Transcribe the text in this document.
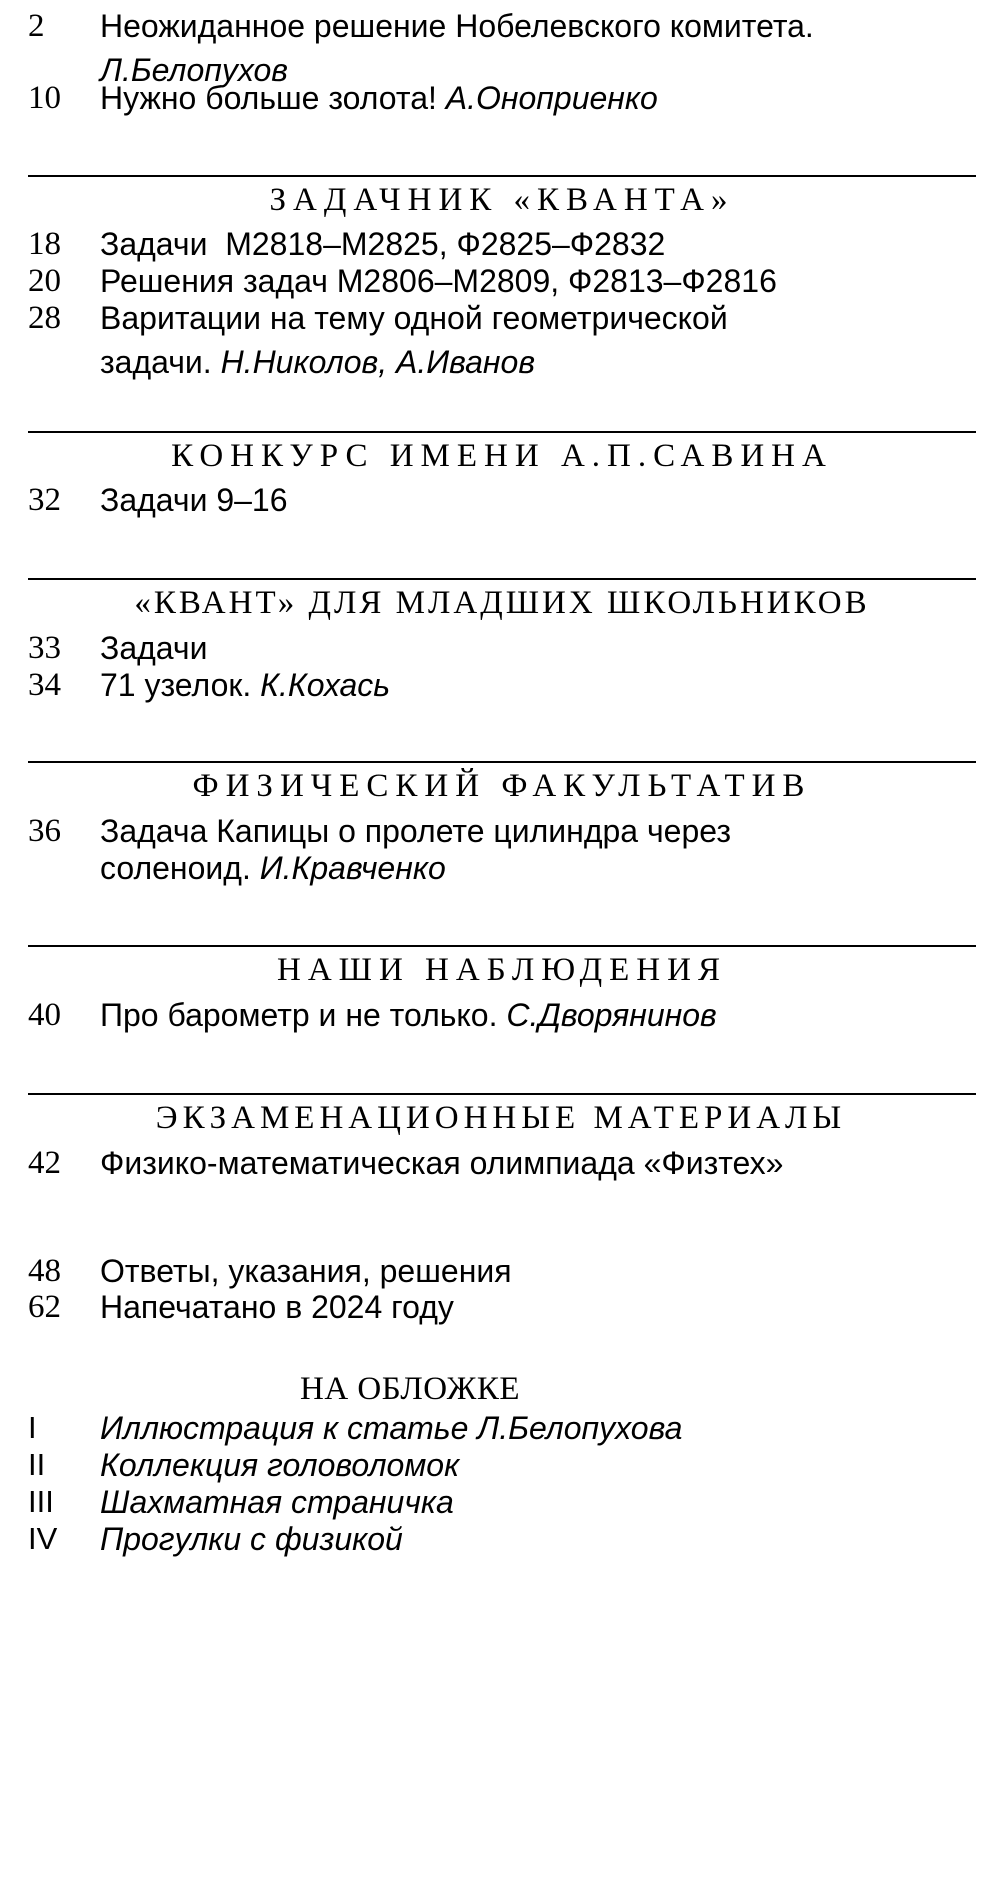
2 Неожиданное решение Нобелевского комитета.
Л.Белопухов
10 Нужно больше золота! А.Оноприенко
ЗАДАЧНИК «КВАНТА»
18 Задачи  М2818–М2825, Ф2825–Ф2832
20 Решения задач М2806–М2809, Ф2813–Ф2816
28 Варитации на тему одной геометрической
задачи. Н.Николов, А.Иванов
КОНКУРС ИМЕНИ А.П.САВИНА
32 Задачи 9–16
«КВАНТ» ДЛЯ МЛАДШИХ ШКОЛЬНИКОВ
33 Задачи
34 71 узелок. К.Кохась
ФИЗИЧЕСКИЙ ФАКУЛЬТАТИВ
36 Задача Капицы о пролете цилиндра через
соленоид. И.Кравченко
НАШИ НАБЛЮДЕНИЯ
40 Про барометр и не только. С.Дворянинов
ЭКЗАМЕНАЦИОННЫЕ МАТЕРИАЛЫ
42 Физико-математическая олимпиада «Физтех»
48 Ответы, указания, решения
62 Напечатано в 2024 году
НА ОБЛОЖКЕ
I Иллюстрация к статье Л.Белопухова
II Коллекция головоломок
III Шахматная страничка
IV Прогулки с физикой
